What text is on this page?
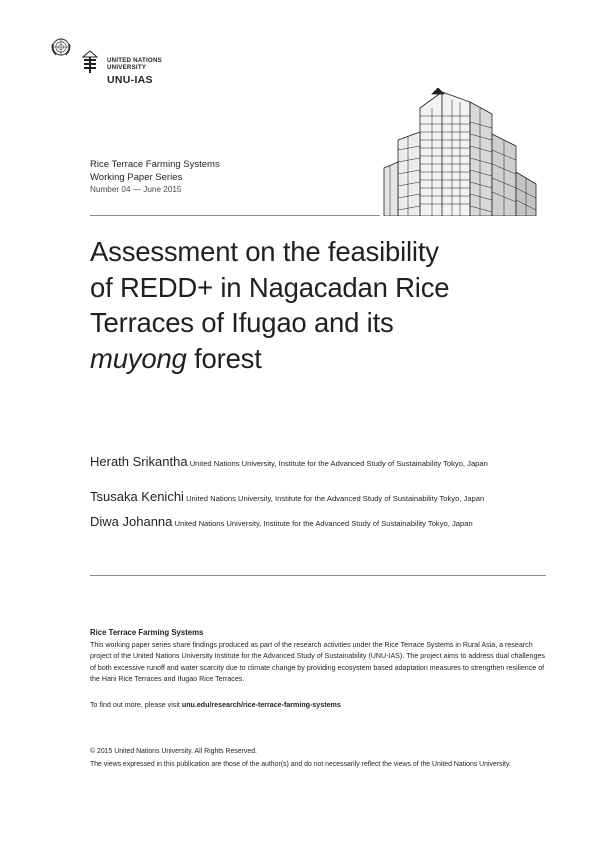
UNITED NATIONS
UNIVERSITY
UNU-IAS
Rice Terrace Farming Systems
Working Paper Series
Number 04 — June 2015
Assessment on the feasibility
of REDD+ in Nagacadan Rice
Terraces of Ifugao and its
muyong forest
Herath Srikantha United Nations University, Institute for the Advanced Study of Sustainability Tokyo, Japan
Tsusaka Kenichi United Nations University, Institute for the Advanced Study of Sustainability Tokyo, Japan
Diwa Johanna United Nations University, Institute for the Advanced Study of Sustainability Tokyo, Japan
Rice Terrace Farming Systems
This working paper series share findings produced as part of the research activities under the Rice Terrace Systems in Rural Asia, a research project of the United Nations University Institute for the Advanced Study of Sustainability (UNU-IAS). The project aims to address dual challenges of both excessive runoff and water scarcity due to climate change by providing ecosystem based adaptation measures to strengthen resilience of the Hani Rice Terraces and Ifugao Rice Terraces.
To find out more, please visit unu.edu/research/rice-terrace-farming-systems
© 2015 United Nations University. All Rights Reserved.
The views expressed in this publication are those of the author(s) and do not necessarily reflect the views of the United Nations University.
